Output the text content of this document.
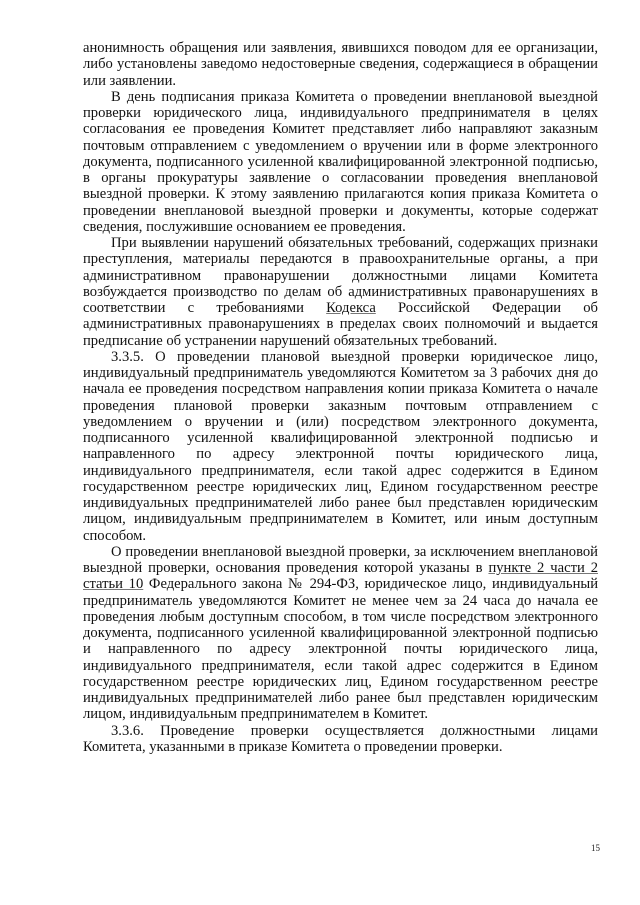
анонимность обращения или заявления, явившихся поводом для ее организации, либо установлены заведомо недостоверные сведения, содержащиеся в обращении или заявлении.

В день подписания приказа Комитета о проведении внеплановой выездной проверки юридического лица, индивидуального предпринимателя в целях согласования ее проведения Комитет представляет либо направляют заказным почтовым отправлением с уведомлением о вручении или в форме электронного документа, подписанного усиленной квалифицированной электронной подписью, в органы прокуратуры заявление о согласовании проведения внеплановой выездной проверки. К этому заявлению прилагаются копия приказа Комитета о проведении внеплановой выездной проверки и документы, которые содержат сведения, послужившие основанием ее проведения.

При выявлении нарушений обязательных требований, содержащих признаки преступления, материалы передаются в правоохранительные органы, а при административном правонарушении должностными лицами Комитета возбуждается производство по делам об административных правонарушениях в соответствии с требованиями Кодекса Российской Федерации об административных правонарушениях в пределах своих полномочий и выдается предписание об устранении нарушений обязательных требований.

3.3.5. О проведении плановой выездной проверки юридическое лицо, индивидуальный предприниматель уведомляются Комитетом за 3 рабочих дня до начала ее проведения посредством направления копии приказа Комитета о начале проведения плановой проверки заказным почтовым отправлением с уведомлением о вручении и (или) посредством электронного документа, подписанного усиленной квалифицированной электронной подписью и направленного по адресу электронной почты юридического лица, индивидуального предпринимателя, если такой адрес содержится в Едином государственном реестре юридических лиц, Едином государственном реестре индивидуальных предпринимателей либо ранее был представлен юридическим лицом, индивидуальным предпринимателем в Комитет, или иным доступным способом.

О проведении внеплановой выездной проверки, за исключением внеплановой выездной проверки, основания проведения которой указаны в пункте 2 части 2 статьи 10 Федерального закона № 294-ФЗ, юридическое лицо, индивидуальный предприниматель уведомляются Комитет не менее чем за 24 часа до начала ее проведения любым доступным способом, в том числе посредством электронного документа, подписанного усиленной квалифицированной электронной подписью и направленного по адресу электронной почты юридического лица, индивидуального предпринимателя, если такой адрес содержится в Едином государственном реестре юридических лиц, Едином государственном реестре индивидуальных предпринимателей либо ранее был представлен юридическим лицом, индивидуальным предпринимателем в Комитет.

3.3.6. Проведение проверки осуществляется должностными лицами Комитета, указанными в приказе Комитета о проведении проверки.

15
